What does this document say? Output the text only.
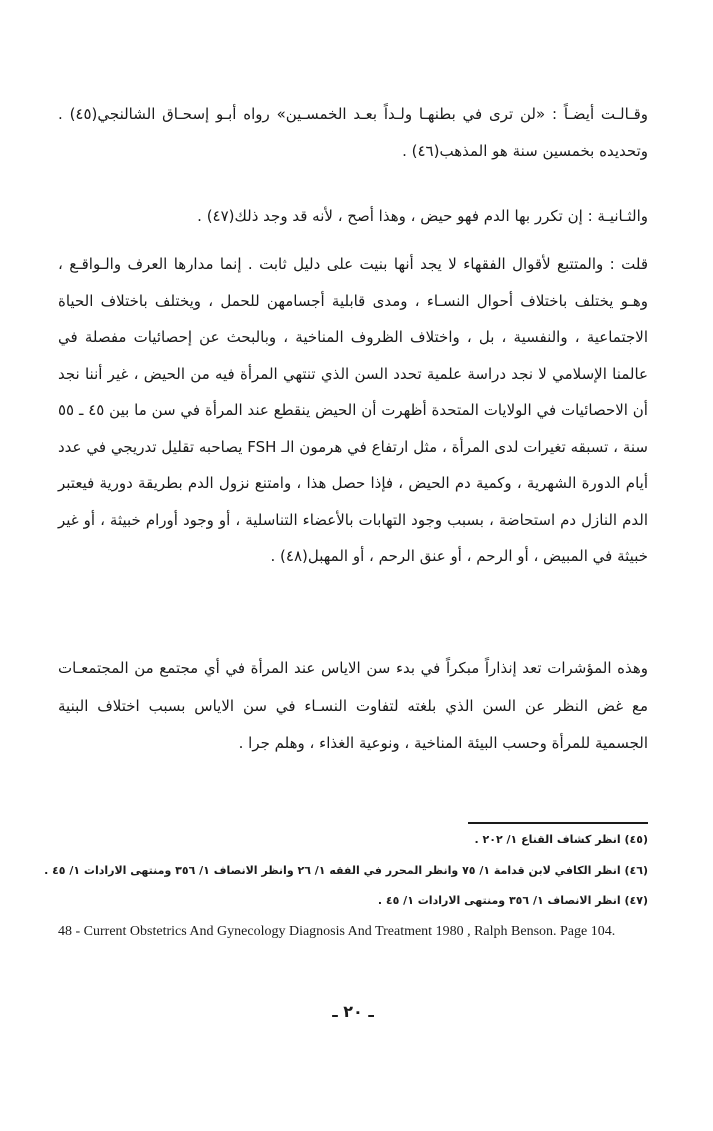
وقـالـت أيضـاً : «لن ترى في بطنهـا ولـداً بعـد الخمسـين» رواه أبـو إسحـاق الشالنجي(٤٥) . وتحديده بخمسين سنة هو المذهب(٤٦) .

والثـانيـة : إن تكرر بها الدم فهو حيض ، وهذا أصح ، لأنه قد وجد ذلك(٤٧) .

قلت : والمتتبع لأقوال الفقهاء لا يجد أنها بنيت على دليل ثابت . إنما مدارها العرف والـواقـع ، وهـو يختلف باختلاف أحوال النسـاء ، ومدى قابلية أجسامهن للحمل ، ويختلف باختلاف الحياة الاجتماعية ، والنفسية ، بل ، واختلاف الظروف المناخية ، وبالبحث عن إحصائيات مفصلة في عالمنا الإسلامي لا نجد دراسة علمية تحدد السن الذي تنتهي المرأة فيه من الحيض ، غير أننا نجد أن الاحصائيات في الولايات المتحدة أظهرت أن الحيض ينقطع عند المرأة في سن ما بين ٤٥ ـ ٥٥ سنة ، تسبقه تغيرات لدى المرأة ، مثل ارتفاع في هرمون الـ FSH يصاحبه تقليل تدريجي في عدد أيام الدورة الشهرية ، وكمية دم الحيض ، فإذا حصل هذا ، وامتنع نزول الدم بطريقة دورية فيعتبر الدم النازل دم استحاضة ، بسبب وجود التهابات بالأعضاء التناسلية ، أو وجود أورام خبيثة ، أو غير خبيثة في المبيض ، أو الرحم ، أو عنق الرحم ، أو المهبل(٤٨) .

وهذه المؤشرات تعد إنذاراً مبكراً في بدء سن الاياس عند المرأة في أي مجتمع من المجتمعـات مع غض النظر عن السن الذي بلغته لتفاوت النسـاء في سن الاياس بسبب اختلاف البنية الجسمية للمرأة وحسب البيئة المناخية ، ونوعية الغذاء ، وهلم جرا .

(٤٥) انظر كشاف القناع ١/ ٢٠٢ .
(٤٦) انظر الكافي لابن قدامة ١/ ٧٥ وانظر المحرر في الفقه ١/ ٢٦ وانظر الانصاف ١/ ٣٥٦ ومنتهى الارادات ١/ ٤٥ .
(٤٧) انظر الانصاف ١/ ٣٥٦ ومنتهى الارادات ١/ ٤٥ .
48 - Current Obstetrics And Gynecology Diagnosis And Treatment 1980 , Ralph Benson. Page 104.
ـ ٢٠ ـ
